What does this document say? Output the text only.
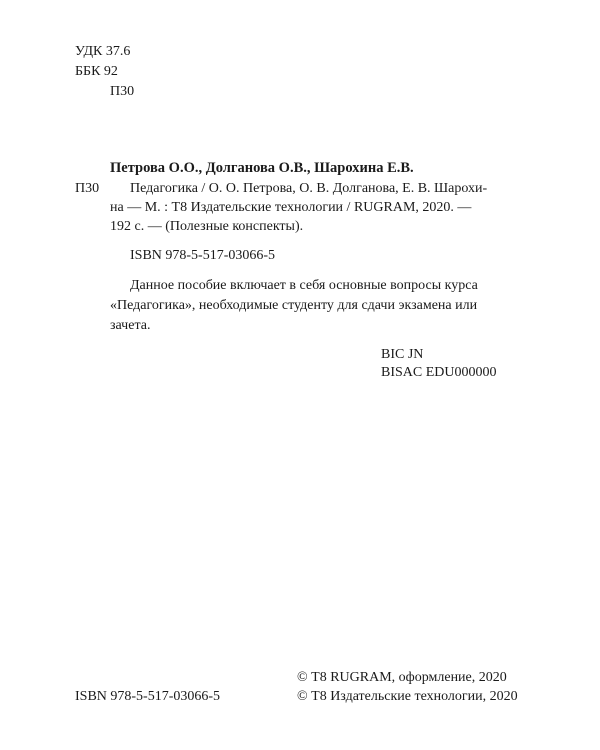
УДК 37.6
ББК 92
П30
Петрова О.О., Долганова О.В., Шарохина Е.В.
П30 Педагогика / О. О. Петрова, О. В. Долганова, Е. В. Шарохи-
на — М. : Т8 Издательские технологии / RUGRAM, 2020. —
192 с. — (Полезные конспекты).
ISBN 978-5-517-03066-5
Данное пособие включает в себя основные вопросы курса
«Педагогика», необходимые студенту для сдачи экзамена или
зачета.
BIC JN
BISAC EDU000000
ISBN 978-5-517-03066-5
© Т8 RUGRAM, оформление, 2020
© Т8 Издательские технологии, 2020
